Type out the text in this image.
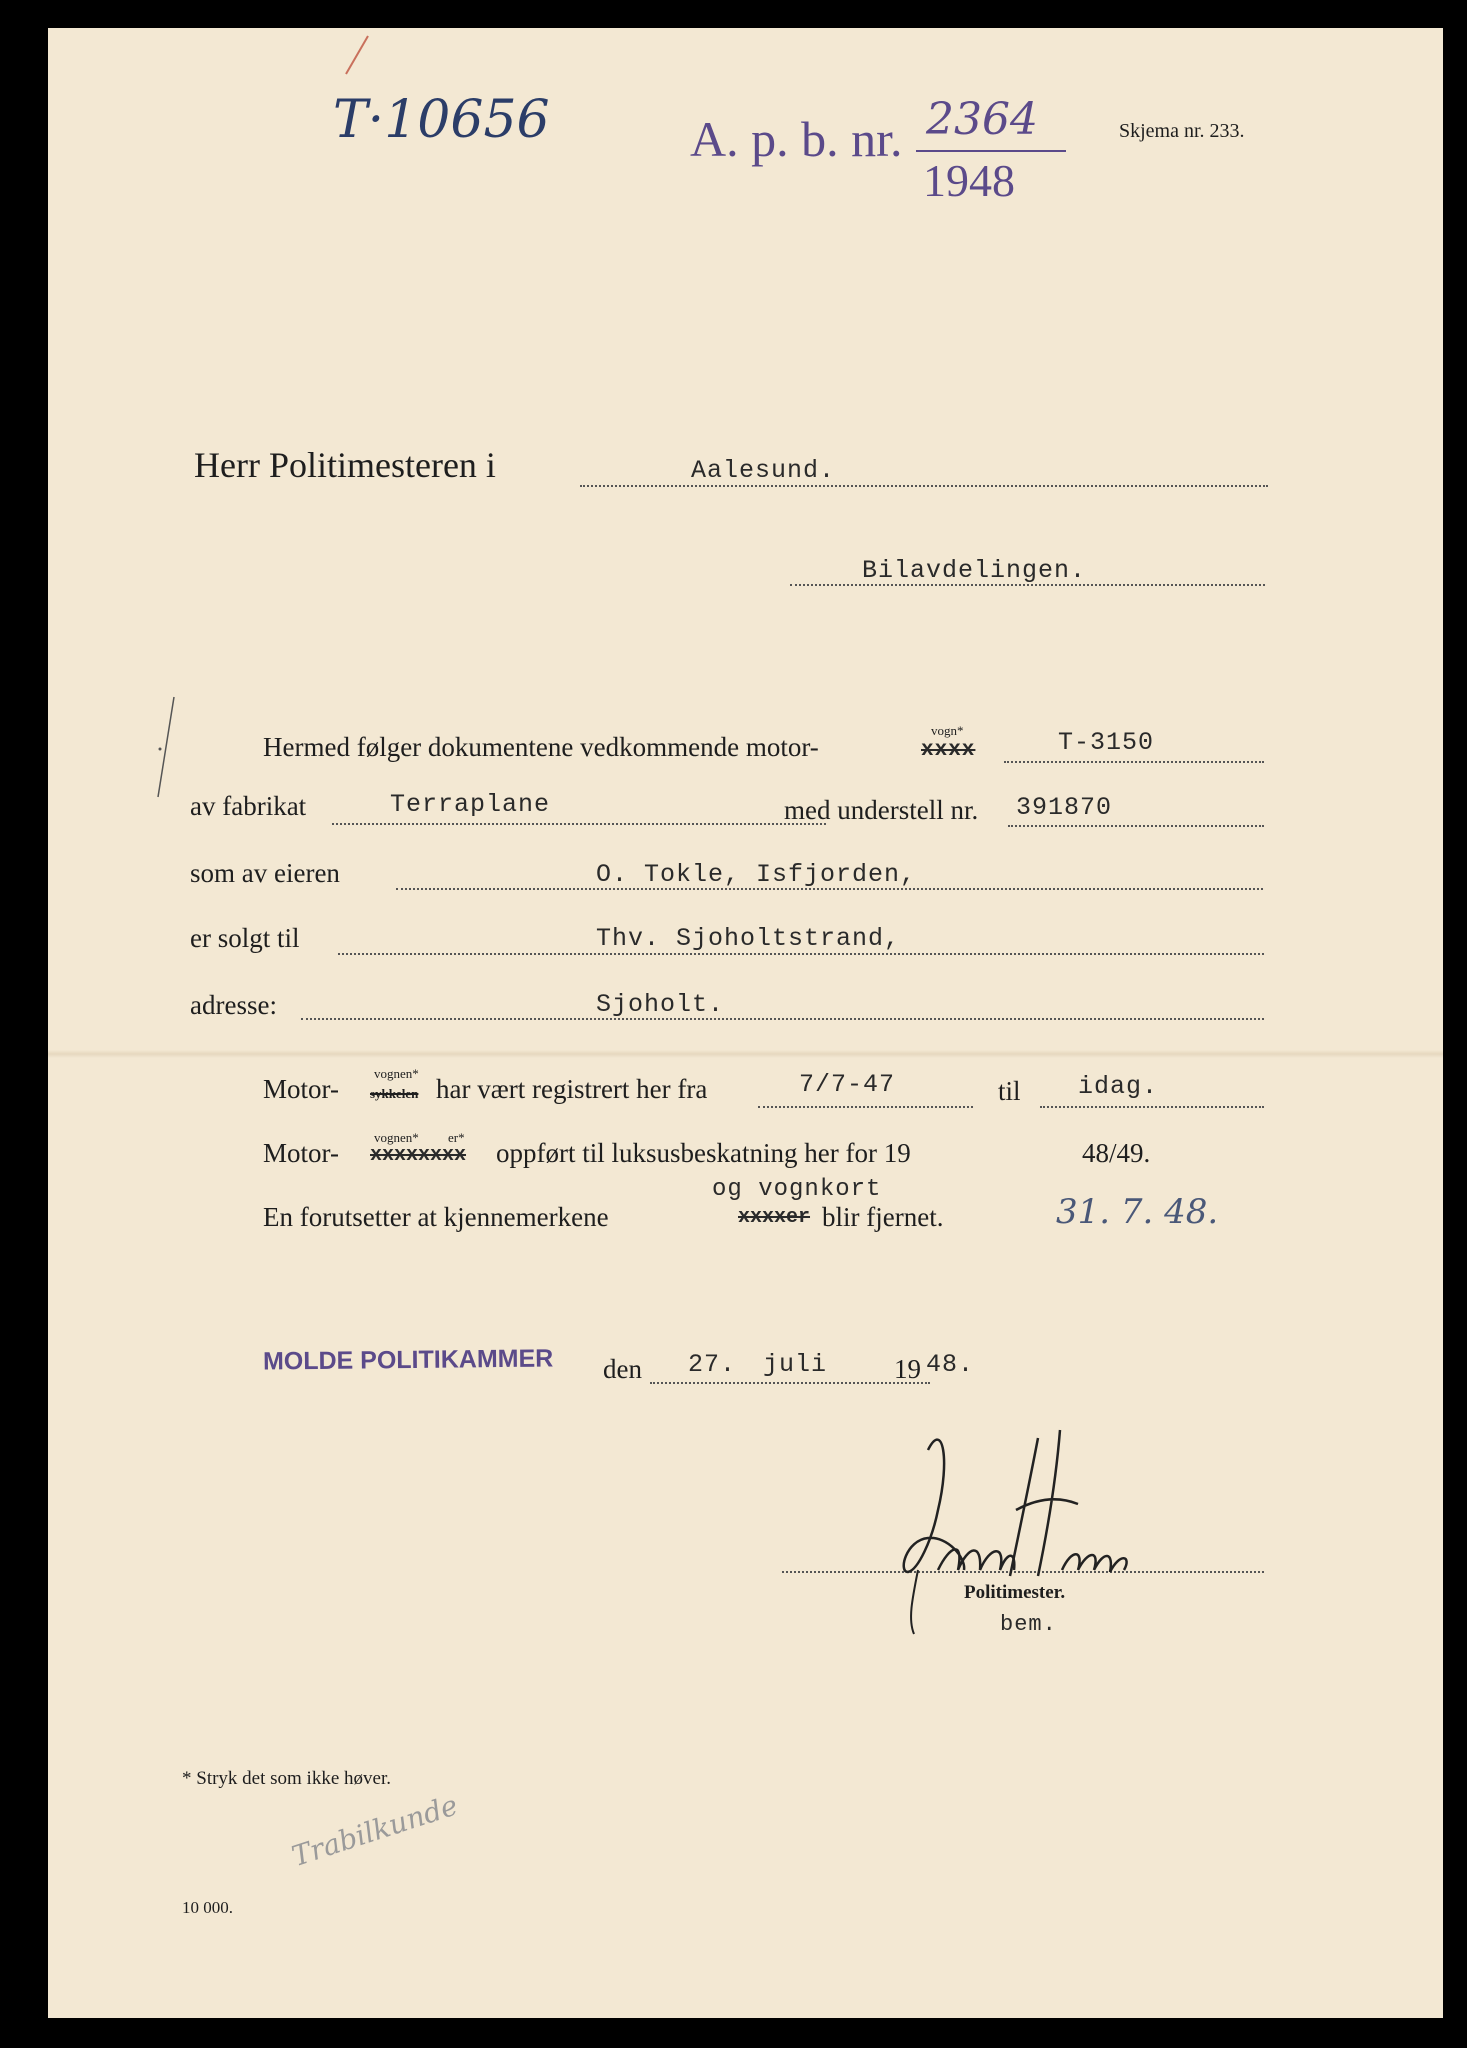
T·10656	A. p. b. nr. 2364
1948
Skjema nr. 233.
Herr Politimesteren i	Aalesund.
Bilavdelingen.
Hermed følger dokumentene vedkommende motor-
vogn*
xxxx	T-3150
av fabrikat	Terraplane	med understell nr. 391870
som av eieren	O. Tokle, Isfjorden,
er solgt til	Thv. Sjoholtstrand,
adresse:	Sjoholt.
Motor-
vognen*
sykkelen har vært registrert her fra	7/7-47	til idag.
Motor-
vognen* er*
xxxxxxxx oppført til luksusbeskatning her for 19	48/49.
og vognkort
En forutsetter at kjennemerkene	xxxxer blir fjernet.	31. 7. 48.
MOLDE POLITIKAMMER den 27. juli 19 48.
Politimester.
bem.
* Stryk det som ikke høver.
Trabilkunde
10 000.
